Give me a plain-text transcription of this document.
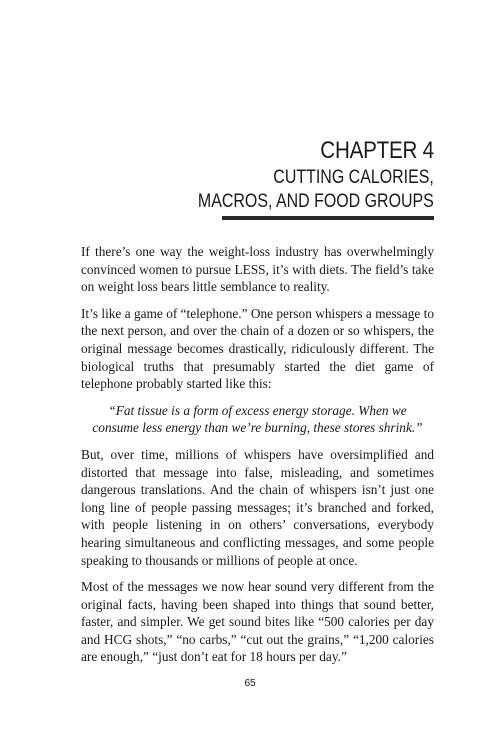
CHAPTER 4
CUTTING CALORIES,
MACROS, AND FOOD GROUPS

If there’s one way the weight-loss industry has overwhelmingly convinced women to pursue LESS, it’s with diets. The field’s take on weight loss bears little semblance to reality.

It’s like a game of “telephone.” One person whispers a message to the next person, and over the chain of a dozen or so whispers, the original message becomes drastically, ridiculously different. The biological truths that presumably started the diet game of telephone probably started like this:

“Fat tissue is a form of excess energy storage. When we consume less energy than we’re burning, these stores shrink.”

But, over time, millions of whispers have oversimplified and distorted that message into false, misleading, and sometimes dangerous translations. And the chain of whispers isn’t just one long line of people passing messages; it’s branched and forked, with people listening in on others’ conversations, everybody hearing simultaneous and conflicting messages, and some people speaking to thousands or millions of people at once.

Most of the messages we now hear sound very different from the original facts, having been shaped into things that sound better, faster, and simpler. We get sound bites like “500 calories per day and HCG shots,” “no carbs,” “cut out the grains,” “1,200 calories are enough,” “just don’t eat for 18 hours per day.”

65
